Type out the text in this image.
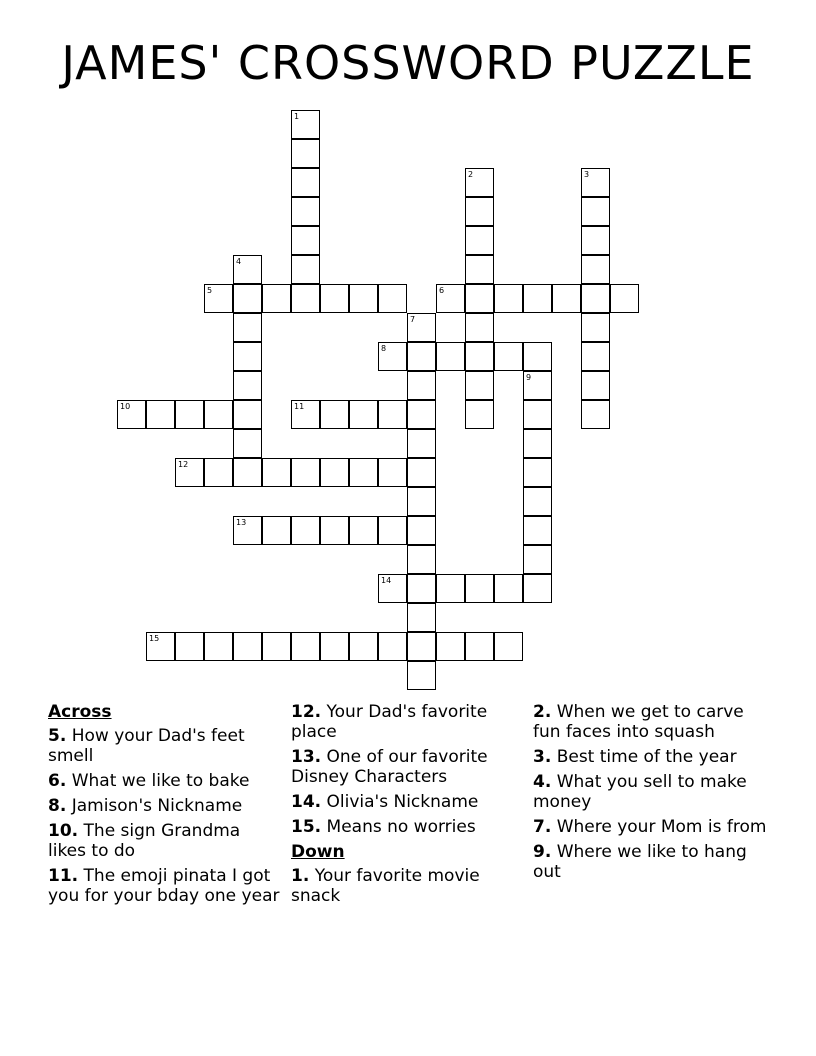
JAMES' CROSSWORD PUZZLE
1
2	3
4
5	6
7
8
9
10	11
12
13
14
15
Across
5. How your Dad's feet smell
6. What we like to bake
8. Jamison's Nickname
10. The sign Grandma likes to do
11. The emoji pinata I got you for your bday one year
12. Your Dad's favorite place
13. One of our favorite Disney Characters
14. Olivia's Nickname
15. Means no worries
Down
1. Your favorite movie snack
2. When we get to carve fun faces into squash
3. Best time of the year
4. What you sell to make money
7. Where your Mom is from
9. Where we like to hang out
